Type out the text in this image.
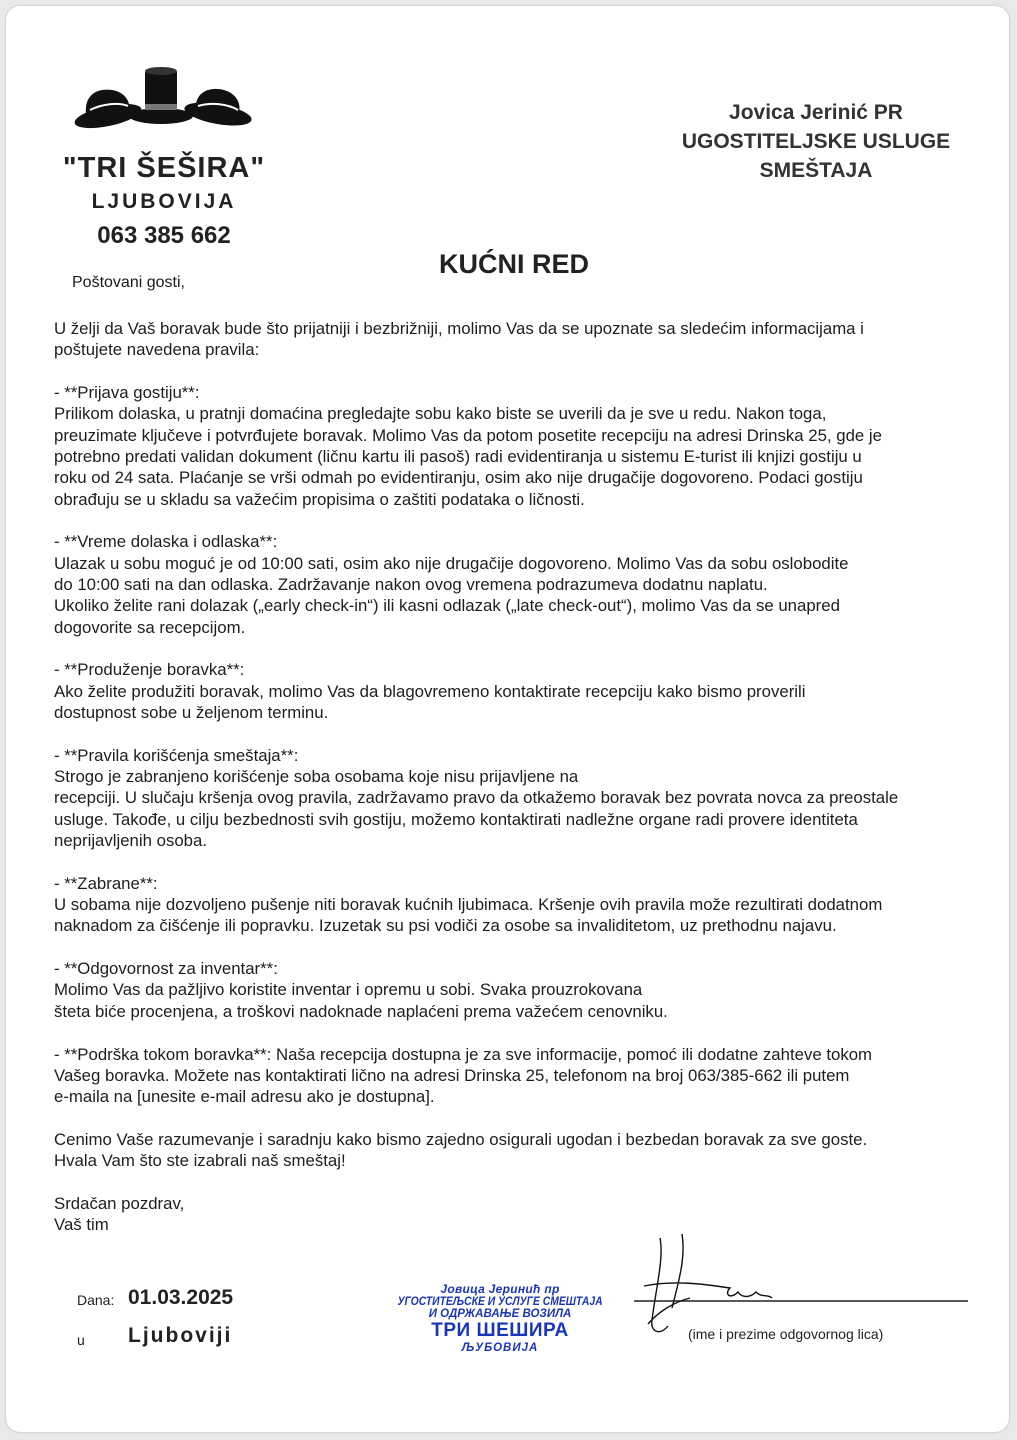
"TRI ŠEŠIRA"
LJUBOVIJA
063 385 662
Jovica Jerinić PR
UGOSTITELJSKE USLUGE
SMEŠTAJA
KUĆNI RED
Poštovani gosti,

U želji da Vaš boravak bude što prijatniji i bezbrižniji, molimo Vas da se upoznate sa sledećim informacijama i
poštujete navedena pravila:

- **Prijava gostiju**:
Prilikom dolaska, u pratnji domaćina pregledajte sobu kako biste se uverili da je sve u redu. Nakon toga,
preuzimate ključeve i potvrđujete boravak. Molimo Vas da potom posetite recepciju na adresi Drinska 25, gde je
potrebno predati validan dokument (ličnu kartu ili pasoš) radi evidentiranja u sistemu E-turist ili knjizi gostiju u
roku od 24 sata. Plaćanje se vrši odmah po evidentiranju, osim ako nije drugačije dogovoreno. Podaci gostiju
obrađuju se u skladu sa važećim propisima o zaštiti podataka o ličnosti.

- **Vreme dolaska i odlaska**:
Ulazak u sobu moguć je od 10:00 sati, osim ako nije drugačije dogovoreno. Molimo Vas da sobu oslobodite
do 10:00 sati na dan odlaska. Zadržavanje nakon ovog vremena podrazumeva dodatnu naplatu.
Ukoliko želite rani dolazak („early check-in“) ili kasni odlazak („late check-out“), molimo Vas da se unapred
dogovorite sa recepcijom.

- **Produženje boravka**:
Ako želite produžiti boravak, molimo Vas da blagovremeno kontaktirate recepciju kako bismo proverili
dostupnost sobe u željenom terminu.

- **Pravila korišćenja smeštaja**:
Strogo je zabranjeno korišćenje soba osobama koje nisu prijavljene na
recepciji. U slučaju kršenja ovog pravila, zadržavamo pravo da otkažemo boravak bez povrata novca za preostale
usluge. Takođe, u cilju bezbednosti svih gostiju, možemo kontaktirati nadležne organe radi provere identiteta
neprijavljenih osoba.

- **Zabrane**:
U sobama nije dozvoljeno pušenje niti boravak kućnih ljubimaca. Kršenje ovih pravila može rezultirati dodatnom
naknadom za čišćenje ili popravku. Izuzetak su psi vodiči za osobe sa invaliditetom, uz prethodnu najavu.

- **Odgovornost za inventar**:
Molimo Vas da pažljivo koristite inventar i opremu u sobi. Svaka prouzrokovana
šteta biće procenjena, a troškovi nadoknade naplaćeni prema važećem cenovniku.

- **Podrška tokom boravka**: Naša recepcija dostupna je za sve informacije, pomoć ili dodatne zahteve tokom
Vašeg boravka. Možete nas kontaktirati lično na adresi Drinska 25, telefonom na broj 063/385-662 ili putem
e-maila na [unesite e-mail adresu ako je dostupna].

Cenimo Vaše razumevanje i saradnju kako bismo zajedno osigurali ugodan i bezbedan boravak za sve goste.
Hvala Vam što ste izabrali naš smeštaj!

Srdačan pozdrav,
Vaš tim

Dana: 01.03.2025
u Ljuboviji
Јовица Јеринић пр
УГОСТИТЕЉСКЕ И УСЛУГЕ СМЕШТАЈА
И ОДРЖАВАЊЕ ВОЗИЛА
ТРИ ШЕШИРА
ЉУБОВИЈА
(ime i prezime odgovornog lica)
